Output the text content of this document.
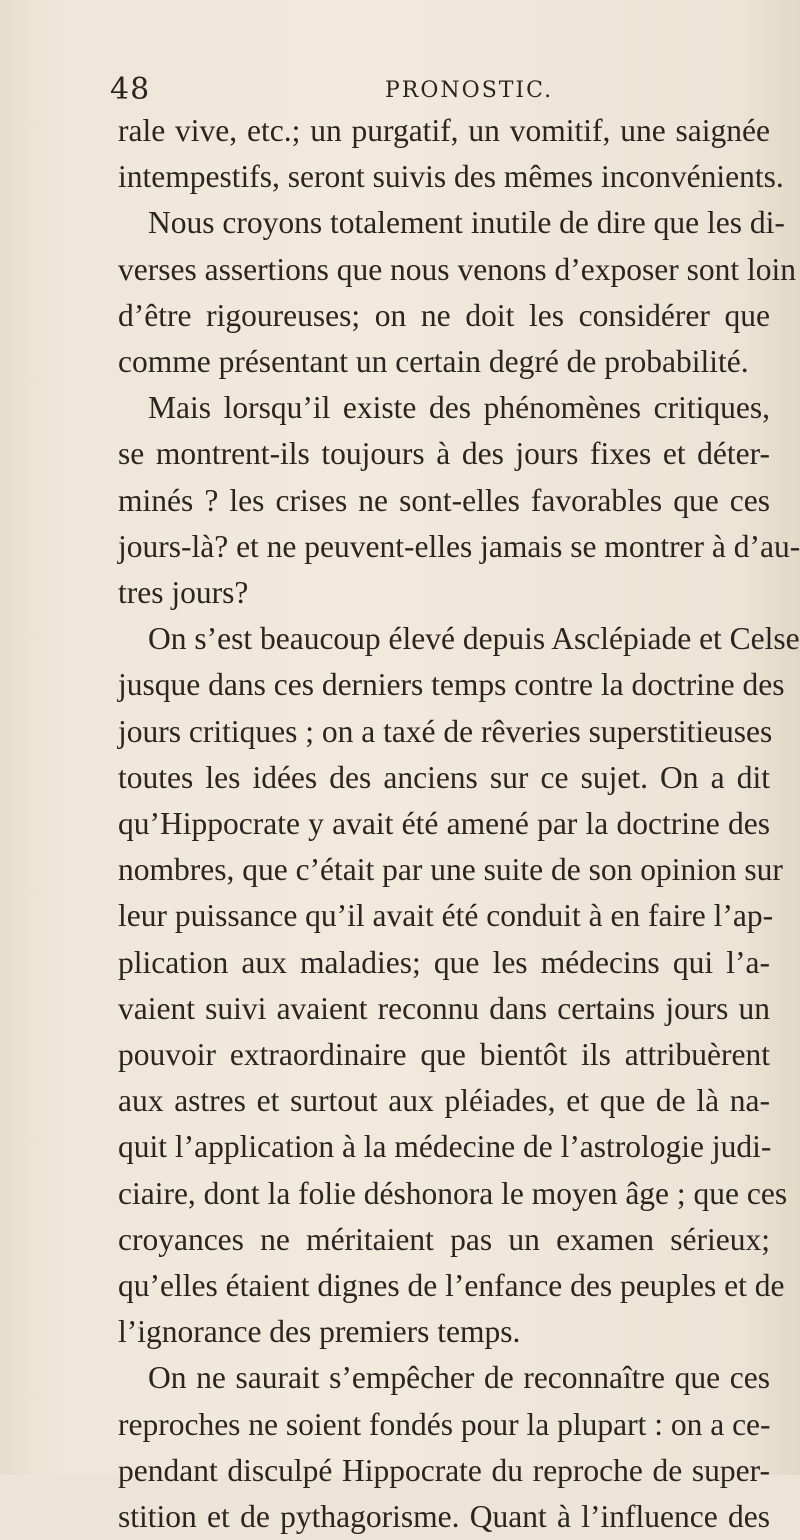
48	PRONOSTIC.
rale vive, etc.; un purgatif, un vomitif, une saignée
intempestifs, seront suivis des mêmes inconvénients.
Nous croyons totalement inutile de dire que les di-
verses assertions que nous venons d’exposer sont loin
d’être rigoureuses; on ne doit les considérer que
comme présentant un certain degré de probabilité.
Mais lorsqu’il existe des phénomènes critiques,
se montrent-ils toujours à des jours fixes et déter-
minés ? les crises ne sont-elles favorables que ces
jours-là? et ne peuvent-elles jamais se montrer à d’au-
tres jours?
On s’est beaucoup élevé depuis Asclépiade et Celse
jusque dans ces derniers temps contre la doctrine des
jours critiques ; on a taxé de rêveries superstitieuses
toutes les idées des anciens sur ce sujet. On a dit
qu’Hippocrate y avait été amené par la doctrine des
nombres, que c’était par une suite de son opinion sur
leur puissance qu’il avait été conduit à en faire l’ap-
plication aux maladies; que les médecins qui l’a-
vaient suivi avaient reconnu dans certains jours un
pouvoir extraordinaire que bientôt ils attribuèrent
aux astres et surtout aux pléiades, et que de là na-
quit l’application à la médecine de l’astrologie judi-
ciaire, dont la folie déshonora le moyen âge ; que ces
croyances ne méritaient pas un examen sérieux;
qu’elles étaient dignes de l’enfance des peuples et de
l’ignorance des premiers temps.
On ne saurait s’empêcher de reconnaître que ces
reproches ne soient fondés pour la plupart : on a ce-
pendant disculpé Hippocrate du reproche de super-
stition et de pythagorisme. Quant à l’influence des
